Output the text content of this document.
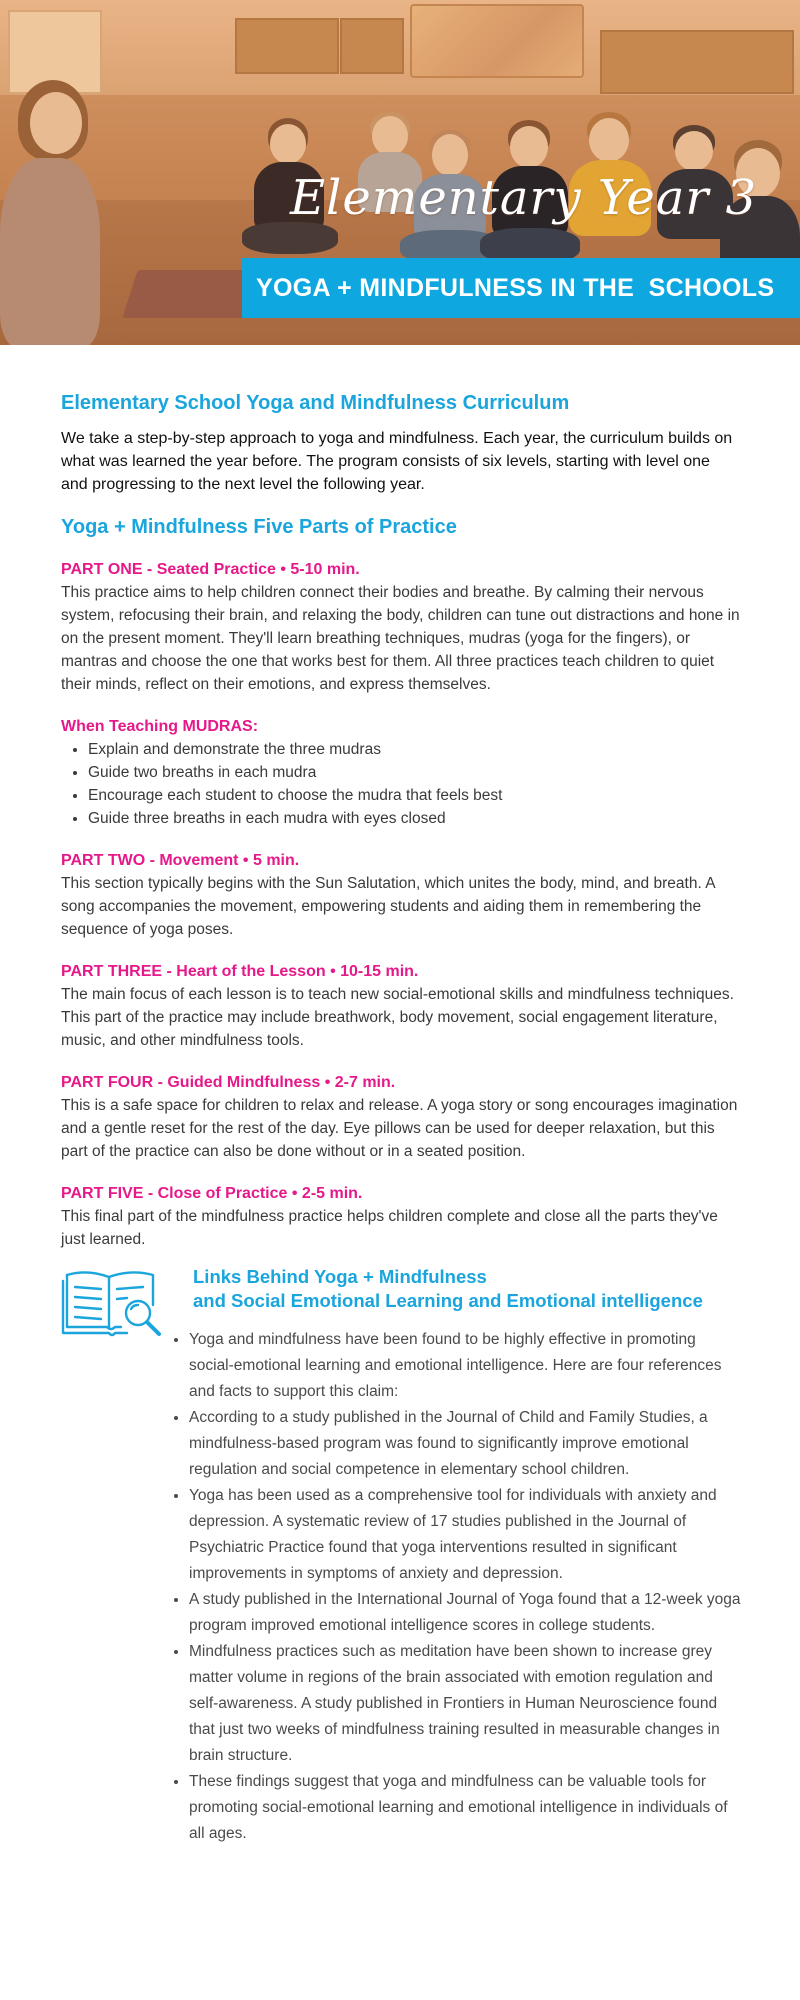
Elementary Year 3
YOGA + MINDFULNESS IN THE  SCHOOLS
Elementary School Yoga and Mindfulness Curriculum

We take a step-by-step approach to yoga and mindfulness. Each year, the curriculum builds on what was learned the year before. The program consists of six levels, starting with level one and progressing to the next level the following year.

Yoga + Mindfulness Five Parts of Practice

PART ONE - Seated Practice • 5-10 min.

This practice aims to help children connect their bodies and breathe. By calming their nervous system, refocusing their brain, and relaxing the body, children can tune out distractions and hone in on the present moment. They'll learn breathing techniques, mudras (yoga for the fingers), or mantras and choose the one that works best for them. All three practices teach children to quiet their minds, reflect on their emotions, and express themselves.

When Teaching MUDRAS:

• Explain and demonstrate the three mudras
• Guide two breaths in each mudra
• Encourage each student to choose the mudra that feels best
• Guide three breaths in each mudra with eyes closed

PART TWO - Movement • 5 min.

This section typically begins with the Sun Salutation, which unites the body, mind, and breath. A song accompanies the movement, empowering students and aiding them in remembering the sequence of yoga poses.

PART THREE - Heart of the Lesson • 10-15 min.

The main focus of each lesson is to teach new social-emotional skills and mindfulness techniques. This part of the practice may include breathwork, body movement, social engagement literature, music, and other mindfulness tools.

PART FOUR - Guided Mindfulness • 2-7 min.

This is a safe space for children to relax and release. A yoga story or song encourages imagination and a gentle reset for the rest of the day. Eye pillows can be used for deeper relaxation, but this part of the practice can also be done without or in a seated position.

PART FIVE - Close of Practice • 2-5 min.

This final part of the mindfulness practice helps children complete and close all the parts they've just learned.

Links Behind Yoga + Mindfulness
and Social Emotional Learning and Emotional intelligence
• Yoga and mindfulness have been found to be highly effective in promoting social-emotional learning and emotional intelligence. Here are four references and facts to support this claim:
• According to a study published in the Journal of Child and Family Studies, a mindfulness-based program was found to significantly improve emotional regulation and social competence in elementary school children.
• Yoga has been used as a comprehensive tool for individuals with anxiety and depression. A systematic review of 17 studies published in the Journal of Psychiatric Practice found that yoga interventions resulted in significant improvements in symptoms of anxiety and depression.
• A study published in the International Journal of Yoga found that a 12-week yoga program improved emotional intelligence scores in college students.
• Mindfulness practices such as meditation have been shown to increase grey matter volume in regions of the brain associated with emotion regulation and self-awareness. A study published in Frontiers in Human Neuroscience found that just two weeks of mindfulness training resulted in measurable changes in brain structure.
• These findings suggest that yoga and mindfulness can be valuable tools for promoting social-emotional learning and emotional intelligence in individuals of all ages.
